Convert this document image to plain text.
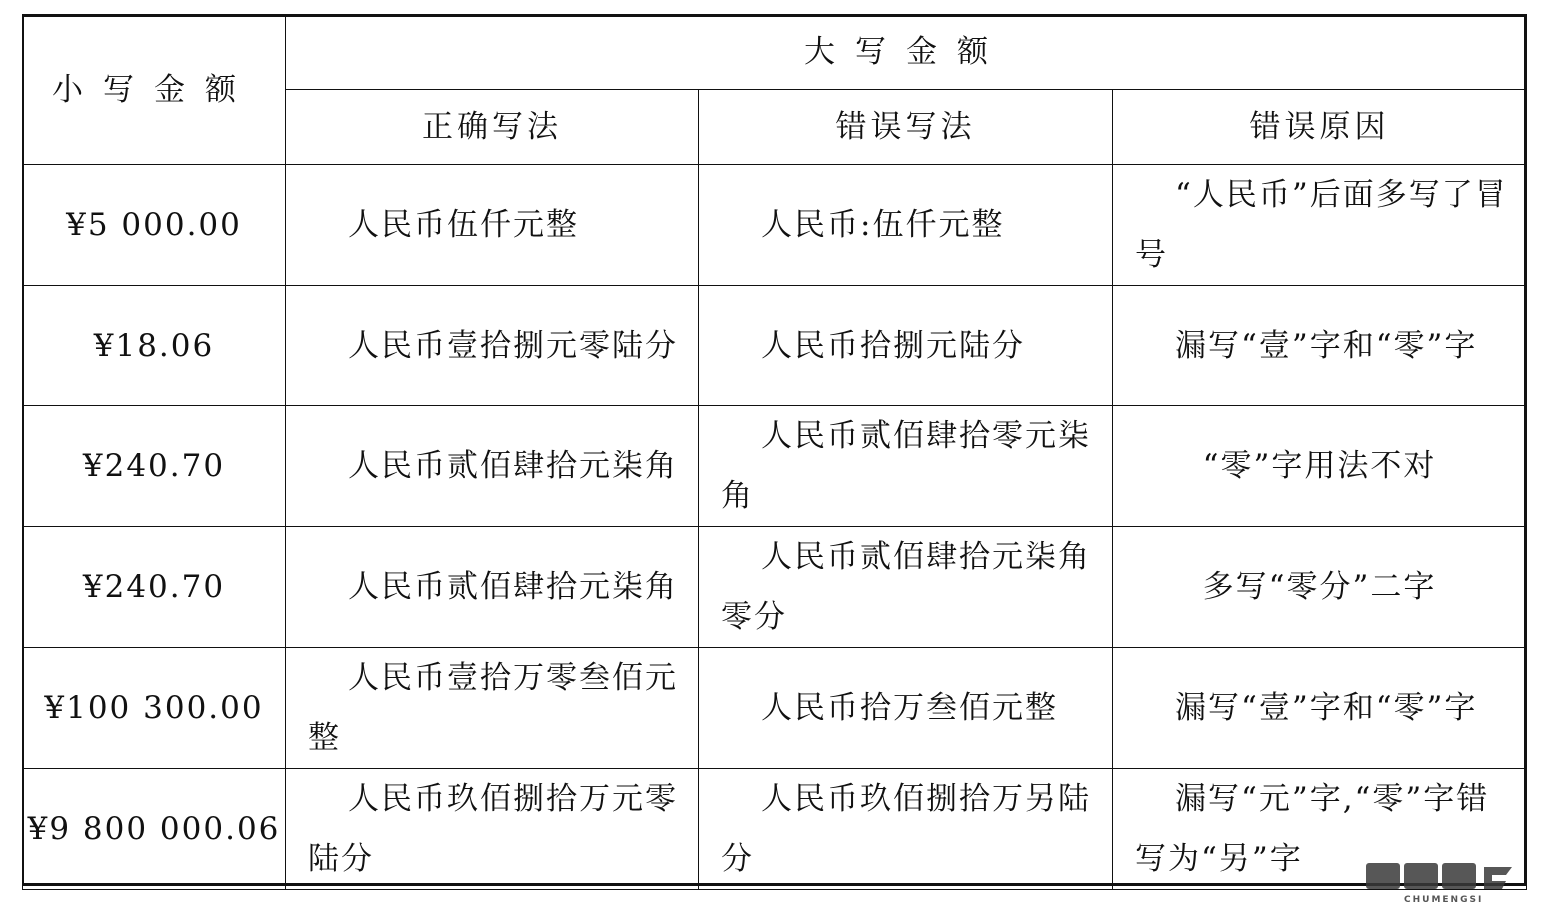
小写金额	大写金额		
	正确写法	错误写法	错误原因
¥5 000.00	人民币伍仟元整	人民币:伍仟元整	“人民币”后面多写了冒号
¥18.06	人民币壹拾捌元零陆分	人民币拾捌元陆分	漏写“壹”字和“零”字
¥240.70	人民币贰佰肆拾元柒角	人民币贰佰肆拾零元柒角	“零”字用法不对
¥240.70	人民币贰佰肆拾元柒角	人民币贰佰肆拾元柒角零分	多写“零分”二字
¥100 300.00	人民币壹拾万零叁佰元整	人民币拾万叁佰元整	漏写“壹”字和“零”字
¥9 800 000.06	人民币玖佰捌拾万元零陆分	人民币玖佰捌拾万另陆分	漏写“元”字,“零”字错写为“另”字
CHUMENGSI
